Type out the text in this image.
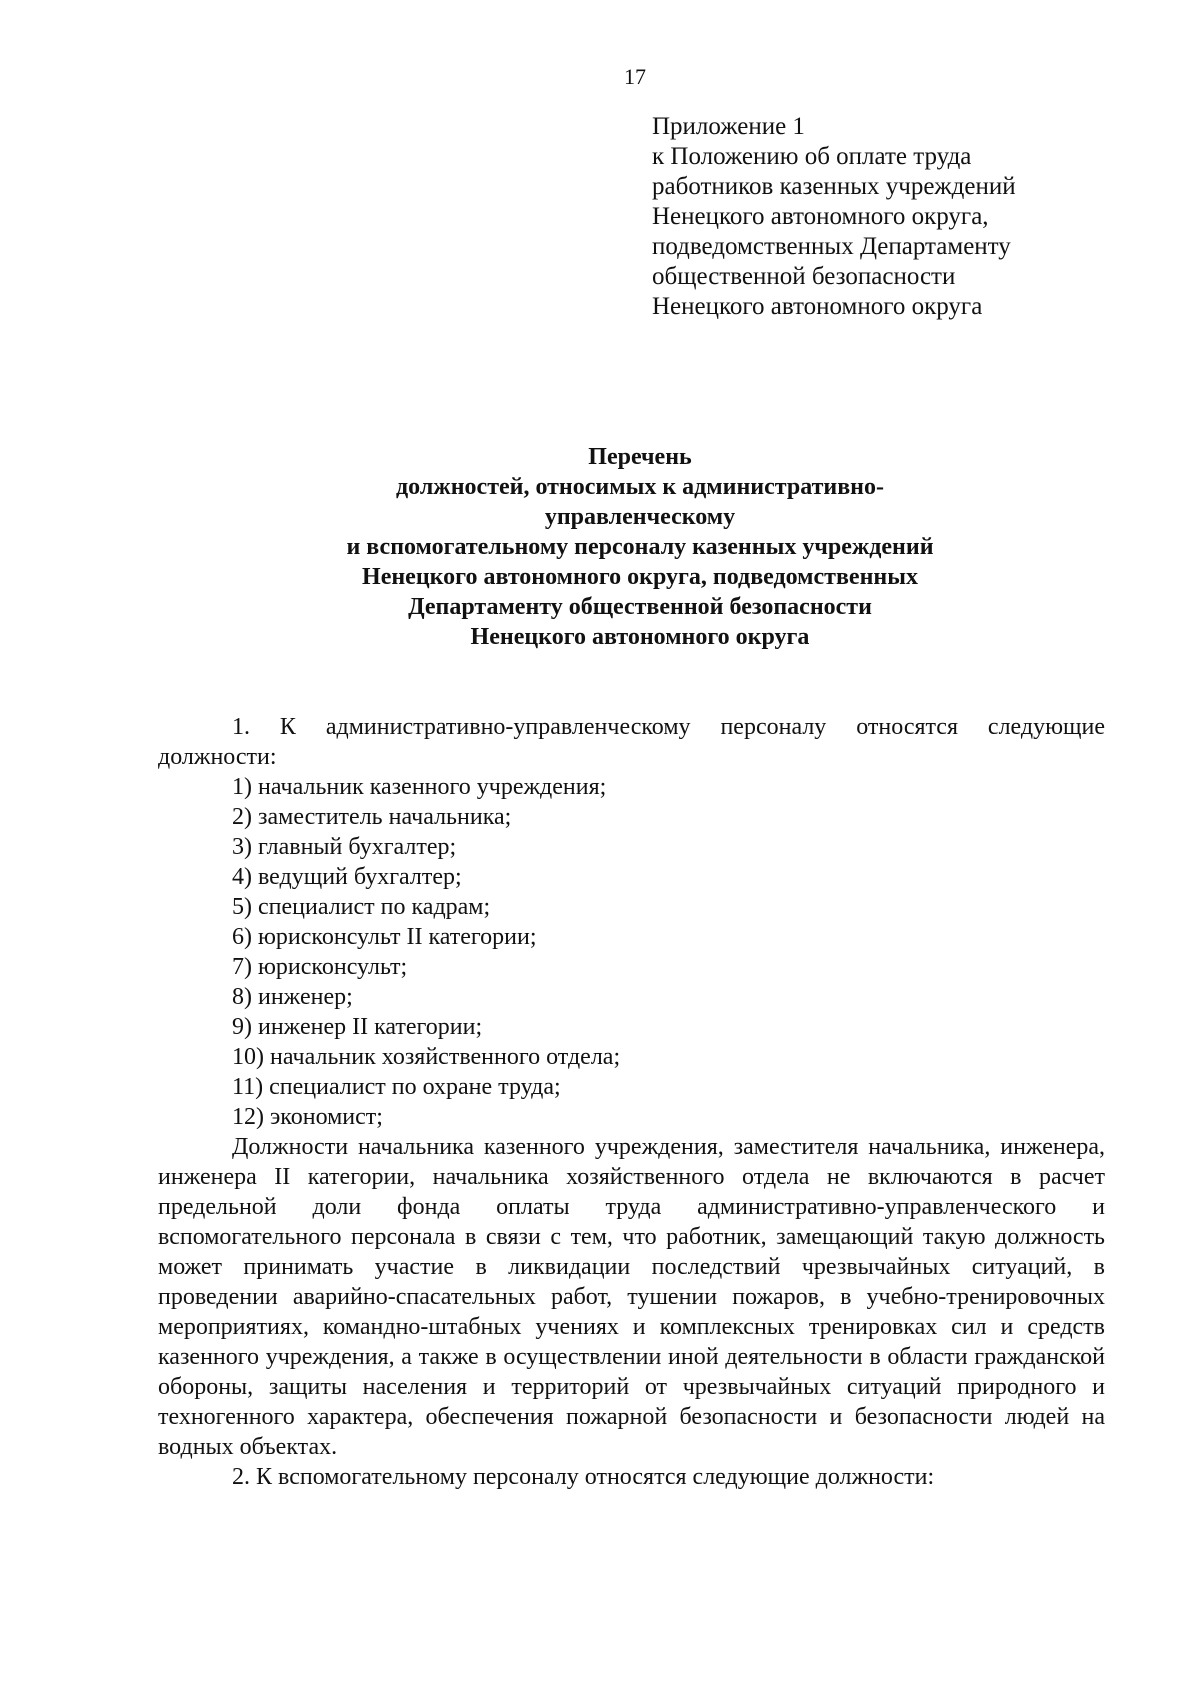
17
Приложение 1
к Положению об оплате труда
работников казенных учреждений
Ненецкого автономного округа,
подведомственных Департаменту
общественной безопасности
Ненецкого автономного округа
Перечень
должностей, относимых к административно-
управленческому
и вспомогательному персоналу казенных учреждений
Ненецкого автономного округа, подведомственных
Департаменту общественной безопасности
Ненецкого автономного округа

1. К административно-управленческому персоналу относятся следующие должности:

1) начальник казенного учреждения;
2) заместитель начальника;
3) главный бухгалтер;
4) ведущий бухгалтер;
5) специалист по кадрам;
6) юрисконсульт II категории;
7) юрисконсульт;
8) инженер;
9) инженер II категории;
10) начальник хозяйственного отдела;
11) специалист по охране труда;
12) экономист;

Должности начальника казенного учреждения, заместителя начальника, инженера, инженера II категории, начальника хозяйственного отдела не включаются в расчет предельной доли фонда оплаты труда административно-управленческого и вспомогательного персонала в связи с тем, что работник, замещающий такую должность может принимать участие в ликвидации последствий чрезвычайных ситуаций, в проведении аварийно-спасательных работ, тушении пожаров, в учебно-тренировочных мероприятиях, командно-штабных учениях и комплексных тренировках сил и средств казенного учреждения, а также в осуществлении иной деятельности в области гражданской обороны, защиты населения и территорий от чрезвычайных ситуаций природного и техногенного характера, обеспечения пожарной безопасности и безопасности людей на водных объектах.

2. К вспомогательному персоналу относятся следующие должности:
